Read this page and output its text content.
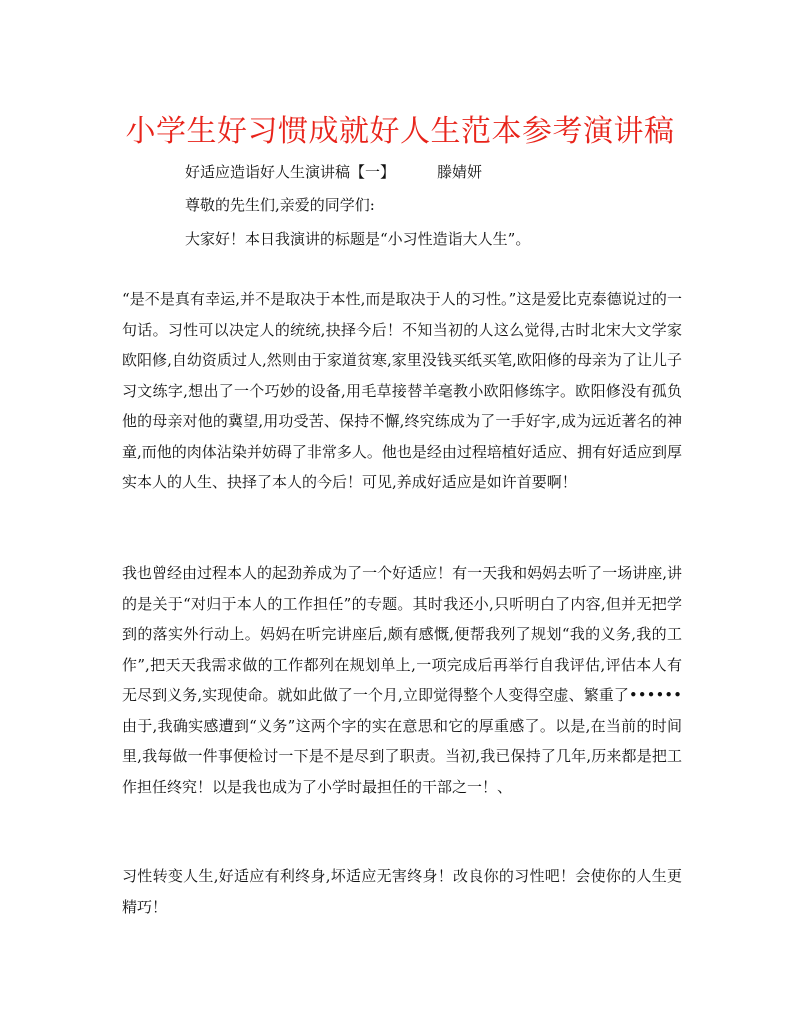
小学生好习惯成就好人生范本参考演讲稿
好适应造诣好人生演讲稿【一】	滕婧妍
尊敬的先生们,亲爱的同学们:
大家好！本日我演讲的标题是“小习性造诣大人生”。

“是不是真有幸运,并不是取决于本性,而是取决于人的习性。”这是爱比克泰德说过的一句话。习性可以决定人的统统,抉择今后！不知当初的人这么觉得,古时北宋大文学家欧阳修,自幼资质过人,然则由于家道贫寒,家里没钱买纸买笔,欧阳修的母亲为了让儿子习文练字,想出了一个巧妙的设备,用毛草接替羊毫教小欧阳修练字。欧阳修没有孤负他的母亲对他的冀望,用功受苦、保持不懈,终究练成为了一手好字,成为远近著名的神童,而他的肉体沾染并妨碍了非常多人。他也是经由过程培植好适应、拥有好适应到厚实本人的人生、抉择了本人的今后！可见,养成好适应是如许首要啊！

我也曾经由过程本人的起劲养成为了一个好适应！有一天我和妈妈去听了一场讲座,讲的是关于“对归于本人的工作担任”的专题。其时我还小,只听明白了内容,但并无把学到的落实外行动上。妈妈在听完讲座后,颇有感慨,便帮我列了规划“我的义务,我的工作”,把天天我需求做的工作都列在规划单上,一项完成后再举行自我评估,评估本人有无尽到义务,实现使命。就如此做了一个月,立即觉得整个人变得空虚、繁重了••••••由于,我确实感遭到“义务”这两个字的实在意思和它的厚重感了。以是,在当前的时间里,我每做一件事便检讨一下是不是尽到了职责。当初,我已保持了几年,历来都是把工作担任终究！以是我也成为了小学时最担任的干部之一！、

习性转变人生,好适应有利终身,坏适应无害终身！改良你的习性吧！会使你的人生更精巧！
